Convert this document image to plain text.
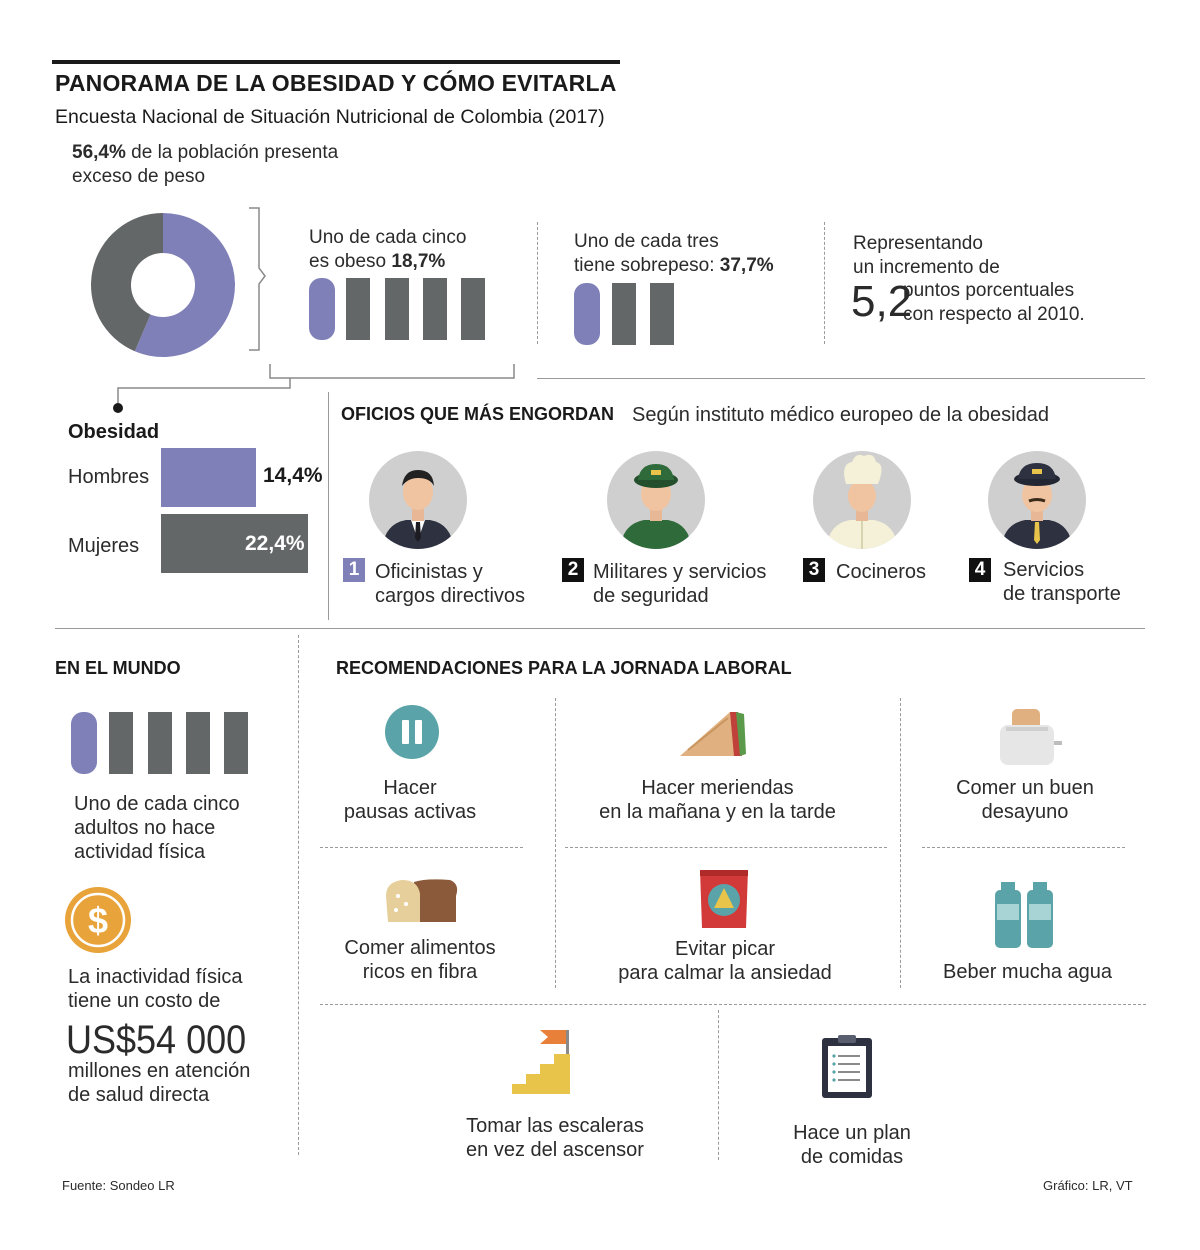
PANORAMA DE LA OBESIDAD Y CÓMO EVITARLA
Encuesta Nacional de Situación Nutricional de Colombia (2017)
56,4% de la población presenta
exceso de peso
Uno de cada cinco
es obeso 18,7%
Uno de cada tres
tiene sobrepeso: 37,7%
Representando
un incremento de
5,2
puntos porcentuales
con respecto al 2010.
Obesidad
Hombres
Mujeres
14,4%
22,4%
OFICIOS QUE MÁS ENGORDAN Según instituto médico europeo de la obesidad
1 Oficinistas y
cargos directivos
2 Militares y servicios
de seguridad
3 Cocineros	4 Servicios
de transporte
EN EL MUNDO
Uno de cada cinco
adultos no hace
actividad física
$
La inactividad física
tiene un costo de
US$54 000
millones en atención
de salud directa
RECOMENDACIONES PARA LA JORNADA LABORAL
Hacer
pausas activas
Hacer meriendas
en la mañana y en la tarde
Comer un buen
desayuno
Comer alimentos
ricos en fibra
Evitar picar
para calmar la ansiedad	Beber mucha agua
Tomar las escaleras
en vez del ascensor
Hace un plan
de comidas
Fuente: Sondeo LR	Gráfico: LR, VT
